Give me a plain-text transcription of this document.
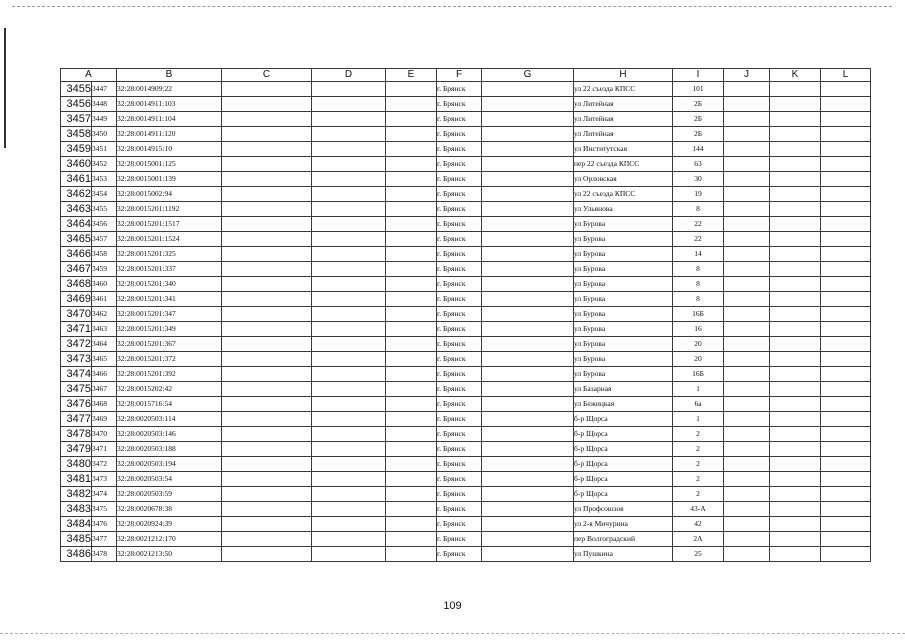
A		B	C	D	E	F	G	H	I	J	K	L
3455	3447	32:28:0014909:22				г. Брянск		ул 22 съезда КПСС	101			
3456	3448	32:28:0014911:103				г. Брянск		ул Литейная	2Б			
3457	3449	32:28:0014911:104				г. Брянск		ул Литейная	2Б			
3458	3450	32:28:0014911:120				г. Брянск		ул Литейная	2Б			
3459	3451	32:28:0014915:10				г. Брянск		ул Институтская	144			
3460	3452	32:28:0015001:125				г. Брянск		пер 22 съезда КПСС	63			
3461	3453	32:28:0015001:139				г. Брянск		ул Орловская	30			
3462	3454	32:28:0015002:94				г. Брянск		ул 22 съезда КПСС	19			
3463	3455	32:28:0015201:1192				г. Брянск		ул Ульянова	8			
3464	3456	32:28:0015201:1517				г. Брянск		ул Бурова	22			
3465	3457	32:28:0015201:1524				г. Брянск		ул Бурова	22			
3466	3458	32:28:0015201:325				г. Брянск		ул Бурова	14			
3467	3459	32:28:0015201:337				г. Брянск		ул Бурова	8			
3468	3460	32:28:0015201:340				г. Брянск		ул Бурова	8			
3469	3461	32:28:0015201:341				г. Брянск		ул Бурова	8			
3470	3462	32:28:0015201:347				г. Брянск		ул Бурова	16Б			
3471	3463	32:28:0015201:349				г. Брянск		ул Бурова	16			
3472	3464	32:28:0015201:367				г. Брянск		ул Бурова	20			
3473	3465	32:28:0015201:372				г. Брянск		ул Бурова	20			
3474	3466	32:28:0015201:392				г. Брянск		ул Бурова	16Б			
3475	3467	32:28:0015202:42				г. Брянск		ул Базарная	1			
3476	3468	32:28:0015716:54				г. Брянск		ул Бежицкая	6а			
3477	3469	32:28:0020503:114				г. Брянск		б-р Щорса	1			
3478	3470	32:28:0020503:146				г. Брянск		б-р Щорса	2			
3479	3471	32:28:0020503:188				г. Брянск		б-р Щорса	2			
3480	3472	32:28:0020503:194				г. Брянск		б-р Щорса	2			
3481	3473	32:28:0020503:54				г. Брянск		б-р Щорса	2			
3482	3474	32:28:0020503:59				г. Брянск		б-р Щорса	2			
3483	3475	32:28:0020678:38				г. Брянск		ул Профсоюзов	43-А			
3484	3476	32:28:0020924:39				г. Брянск		ул 2-я Мичурина	42			
3485	3477	32:28:0021212:170				г. Брянск		пер Волгоградский	2А			
3486	3478	32:28:0021213:50				г. Брянск		ул Пушкина	25			
109
